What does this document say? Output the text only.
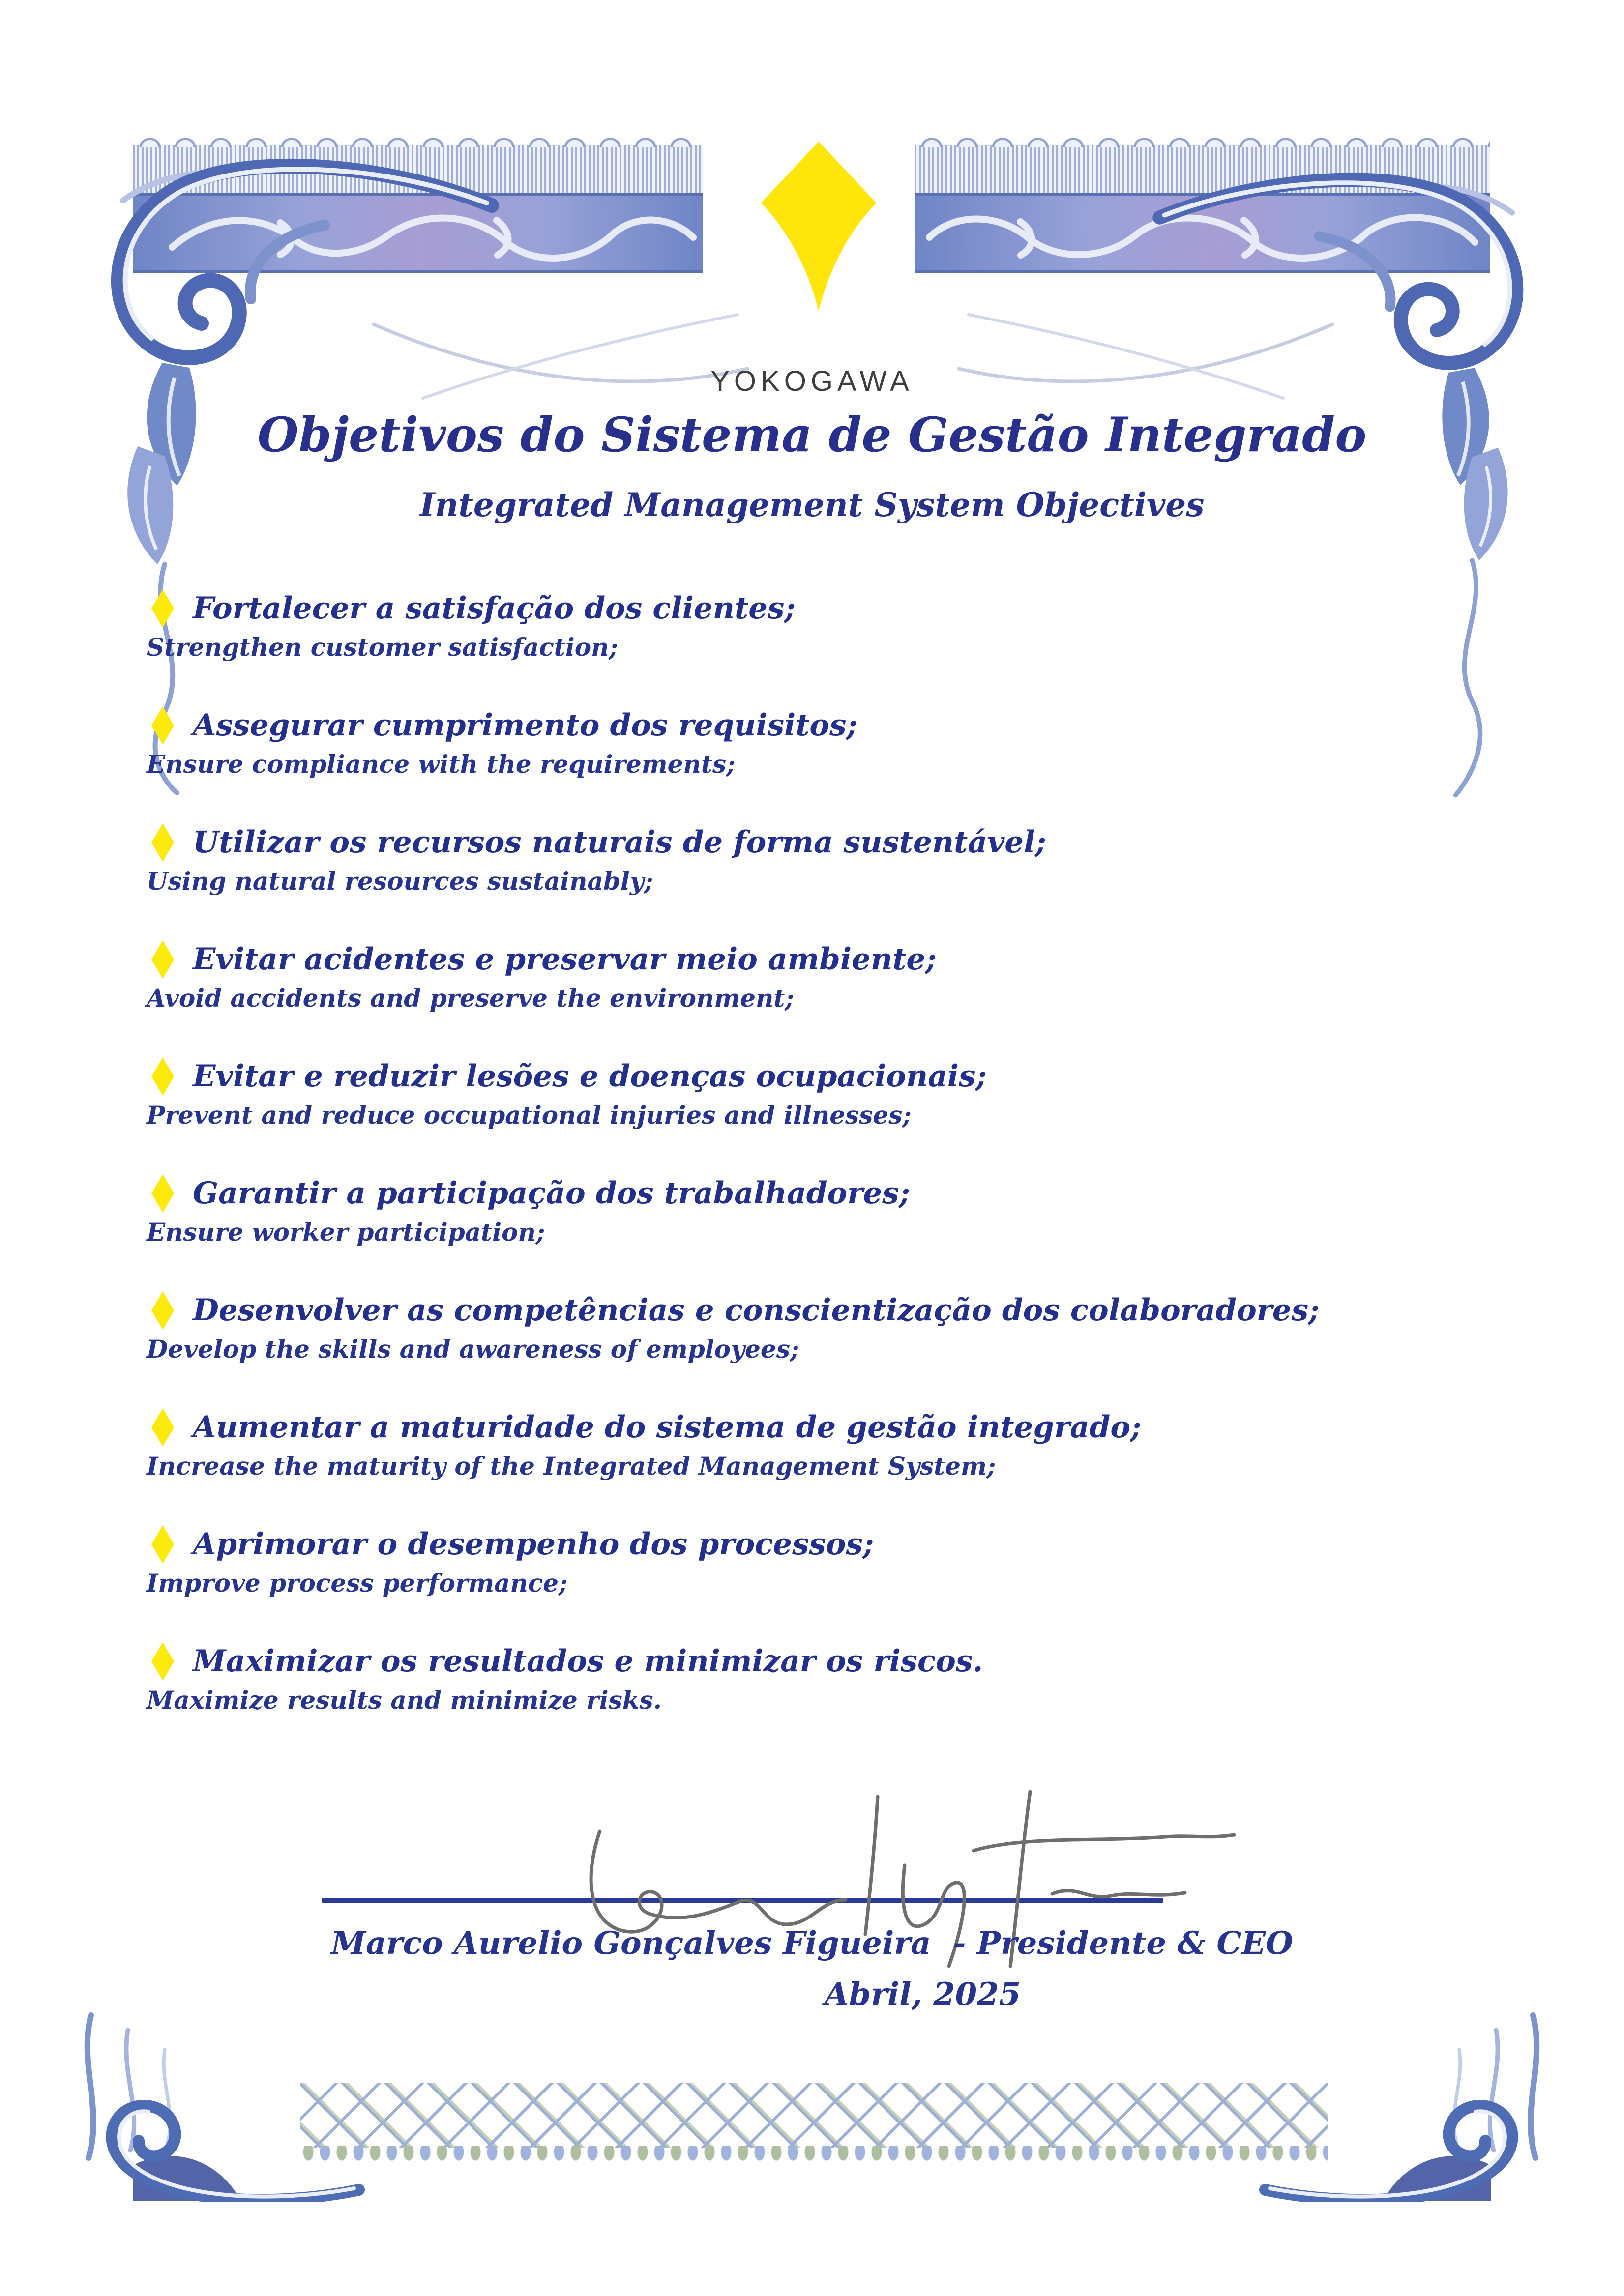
YOKOGAWA
Objetivos do Sistema de Gestão Integrado
Integrated Management System Objectives
Fortalecer a satisfação dos clientes;
Strengthen customer satisfaction;
Assegurar cumprimento dos requisitos;
Ensure compliance with the requirements;
Utilizar os recursos naturais de forma sustentável;
Using natural resources sustainably;
Evitar acidentes e preservar meio ambiente;
Avoid accidents and preserve the environment;
Evitar e reduzir lesões e doenças ocupacionais;
Prevent and reduce occupational injuries and illnesses;
Garantir a participação dos trabalhadores;
Ensure worker participation;
Desenvolver as competências e conscientização dos colaboradores;
Develop the skills and awareness of employees;
Aumentar a maturidade do sistema de gestão integrado;
Increase the maturity of the Integrated Management System;
Aprimorar o desempenho dos processos;
Improve process performance;
Maximizar os resultados e minimizar os riscos.
Maximize results and minimize risks.
Marco Aurelio Gonçalves Figueira  - Presidente & CEO
Abril, 2025
